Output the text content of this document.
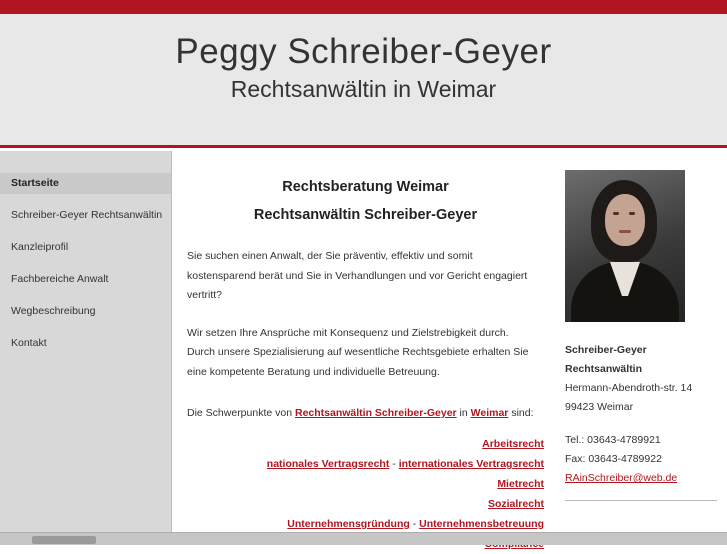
Peggy Schreiber-Geyer
Rechtsanwältin in Weimar
Startseite
Schreiber-Geyer Rechtsanwältin
Kanzleiprofil
Fachbereiche Anwalt
Wegbeschreibung
Kontakt
Rechtsberatung Weimar
Rechtsanwältin Schreiber-Geyer
Sie suchen einen Anwalt, der Sie präventiv, effektiv und somit kostensparend berät und Sie in Verhandlungen und vor Gericht engagiert vertritt?
Wir setzen Ihre Ansprüche mit Konsequenz und Zielstrebigkeit durch.
Durch unsere Spezialisierung auf wesentliche Rechtsgebiete erhalten Sie eine kompetente Beratung und individuelle Betreuung.
Die Schwerpunkte von Rechtsanwältin Schreiber-Geyer in Weimar sind:
Arbeitsrecht
nationales Vertragsrecht - internationales Vertragsrecht
Mietrecht
Sozialrecht
Unternehmensgründung - Unternehmensbetreuung
Schreiber-Geyer
Rechtsanwältin
Hermann-Abendroth-str. 14
99423 Weimar
Tel.: 03643-4789921
Fax: 03643-4789922
RAinSchreiber@web.de
